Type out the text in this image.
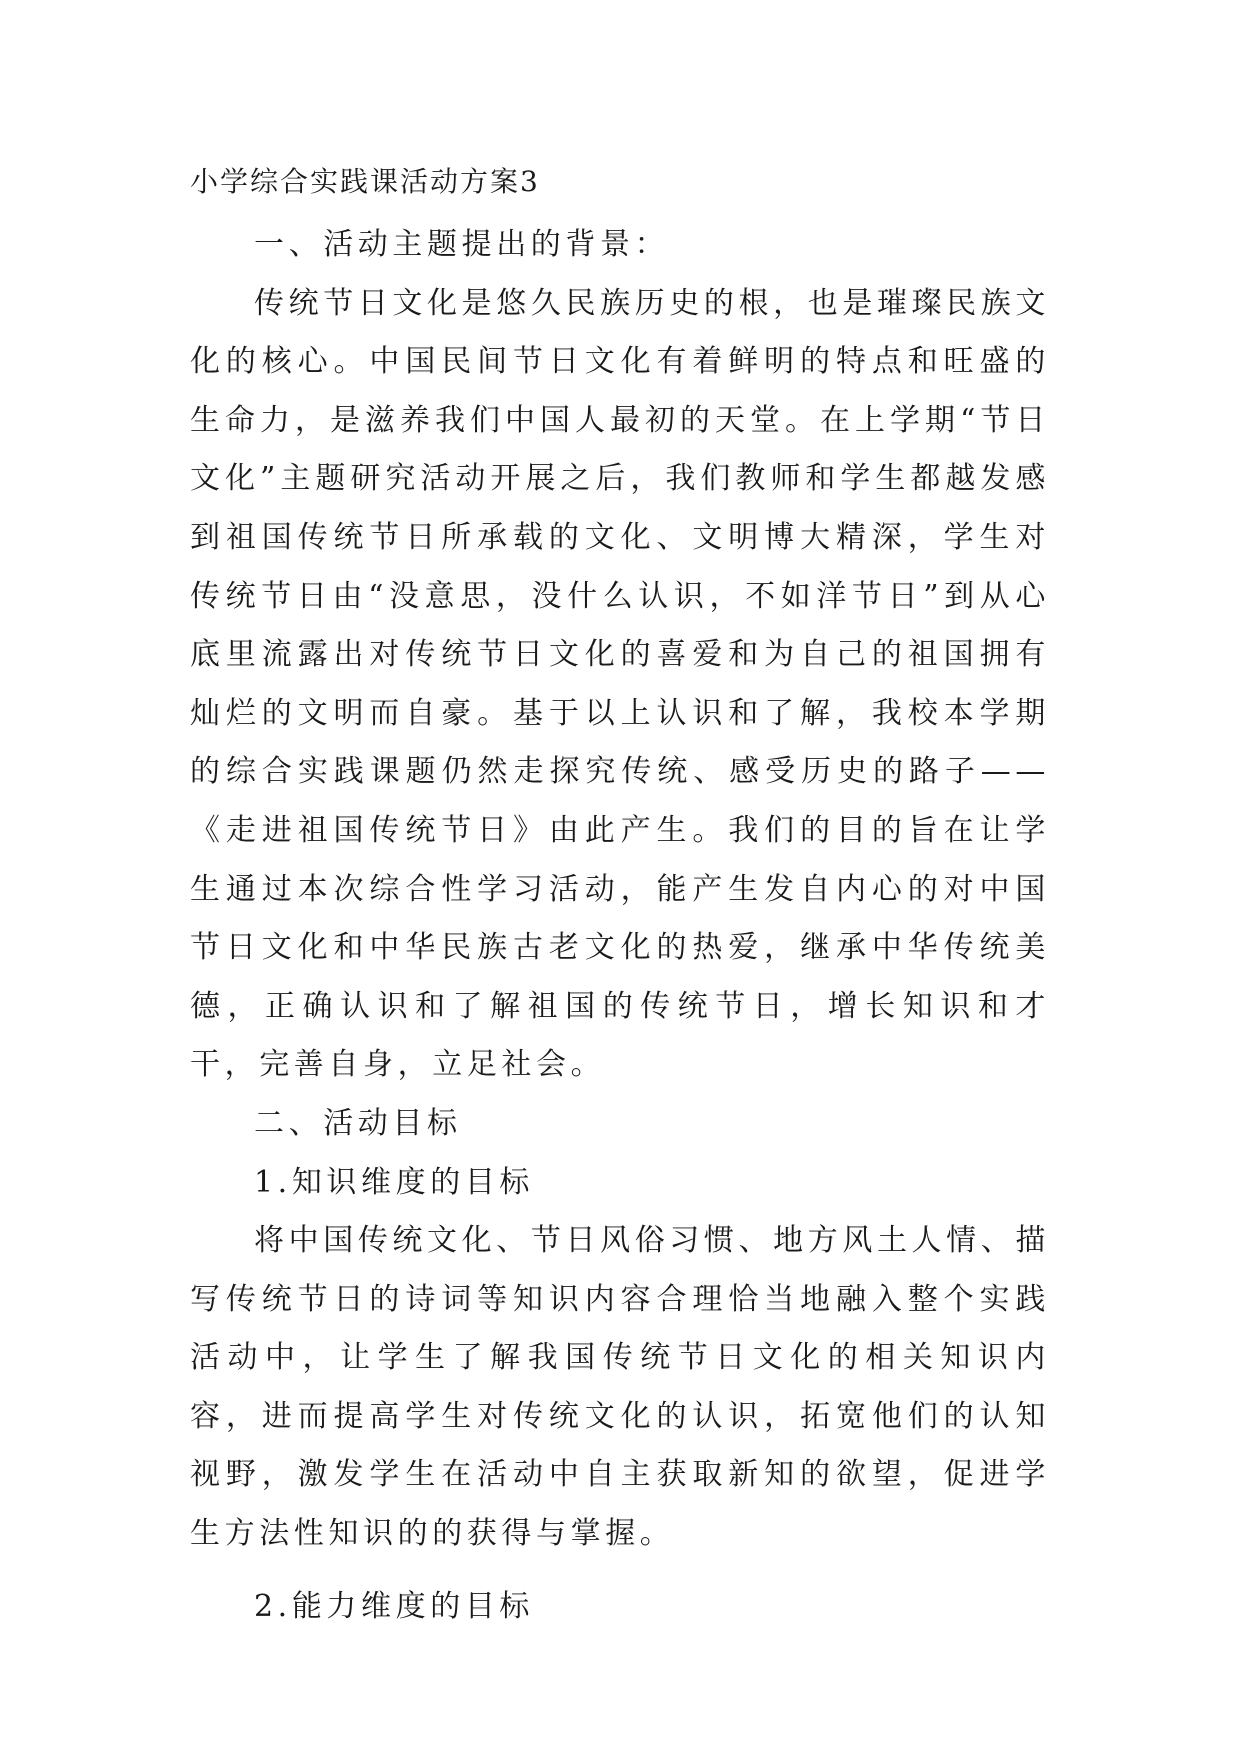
小学综合实践课活动方案3

一、活动主题提出的背景：

传统节日文化是悠久民族历史的根，也是璀璨民族文化的核心。中国民间节日文化有着鲜明的特点和旺盛的生命力，是滋养我们中国人最初的天堂。在上学期“节日文化”主题研究活动开展之后，我们教师和学生都越发感到祖国传统节日所承载的文化、文明博大精深，学生对传统节日由“没意思，没什么认识，不如洋节日”到从心底里流露出对传统节日文化的喜爱和为自己的祖国拥有灿烂的文明而自豪。基于以上认识和了解，我校本学期的综合实践课题仍然走探究传统、感受历史的路子——《走进祖国传统节日》由此产生。我们的目的旨在让学生通过本次综合性学习活动，能产生发自内心的对中国节日文化和中华民族古老文化的热爱，继承中华传统美德，正确认识和了解祖国的传统节日，增长知识和才干，完善自身，立足社会。

二、活动目标

1.知识维度的目标

将中国传统文化、节日风俗习惯、地方风土人情、描写传统节日的诗词等知识内容合理恰当地融入整个实践活动中，让学生了解我国传统节日文化的相关知识内容，进而提高学生对传统文化的认识，拓宽他们的认知视野，激发学生在活动中自主获取新知的欲望，促进学生方法性知识的的获得与掌握。

2.能力维度的目标
